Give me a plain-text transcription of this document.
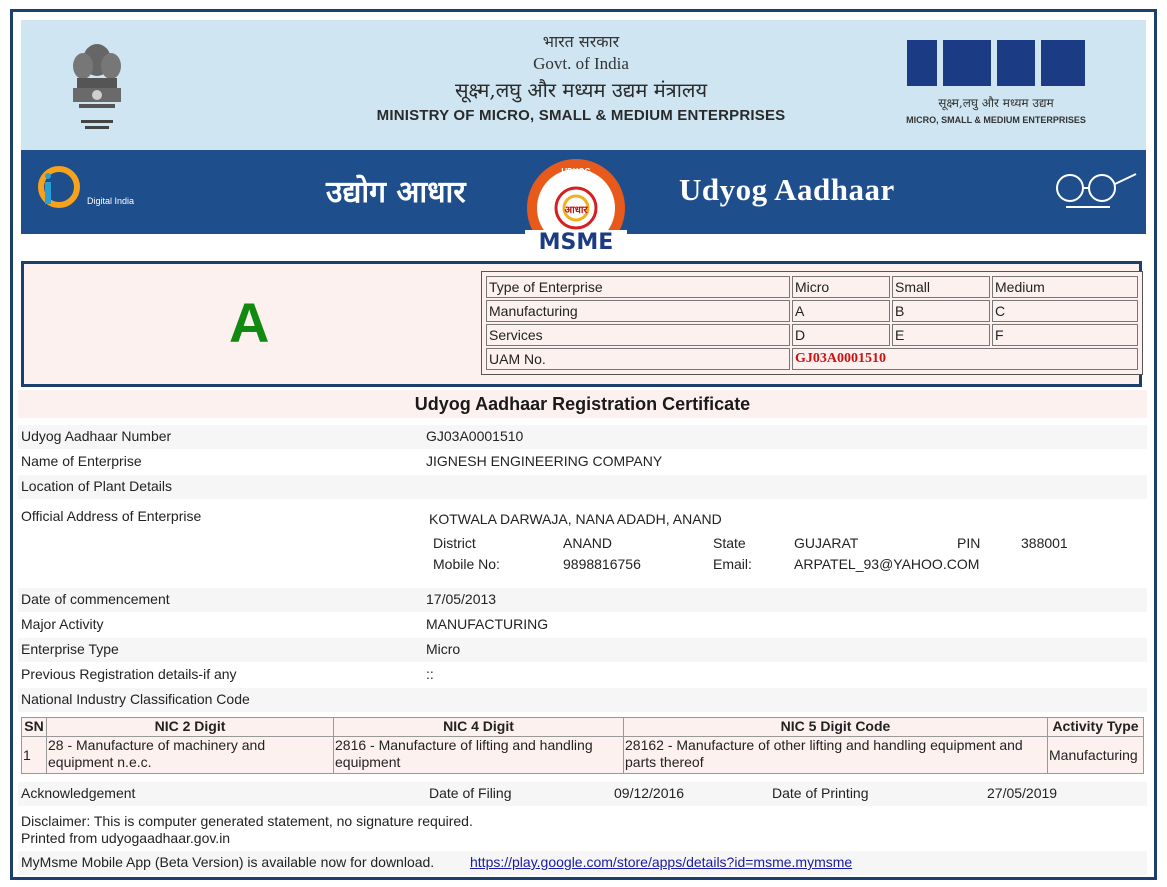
भारत सरकार
Govt. of India
सूक्ष्म,लघु और मध्यम उद्यम मंत्रालय
MINISTRY OF MICRO, SMALL & MEDIUM ENTERPRISES
सूक्ष्म,लघु और मध्यम उद्यम
MICRO, SMALL & MEDIUM ENTERPRISES
Digital India	उद्योग आधार	Udyog Aadhaar
UDYOG AADHAAR
आधार
MSME
A
Type of Enterprise	Micro	Small	Medium
Manufacturing	A	B	C
Services	D	E	F
UAM No.	GJ03A0001510		
Udyog Aadhaar Registration Certificate
Udyog Aadhaar Number	GJ03A0001510
Name of Enterprise	JIGNESH ENGINEERING COMPANY
Location of Plant Details
Official Address of Enterprise	KOTWALA DARWAJA, NANA ADADH, ANAND
District	ANAND	State	GUJARAT	PIN	388001
Mobile No:	9898816756	Email:	ARPATEL_93@YAHOO.COM
Date of commencement	17/05/2013
Major Activity	MANUFACTURING
Enterprise Type	Micro
Previous Registration details-if any	::
National Industry Classification Code
SN	NIC 2 Digit	NIC 4 Digit	NIC 5 Digit Code	Activity Type
1	28 - Manufacture of machinery and equipment n.e.c.	2816 - Manufacture of lifting and handling equipment	28162 - Manufacture of other lifting and handling equipment and parts thereof	Manufacturing
Acknowledgement	Date of Filing	09/12/2016	Date of Printing	27/05/2019
Disclaimer: This is computer generated statement, no signature required.
Printed from udyogaadhaar.gov.in
MyMsme Mobile App (Beta Version) is available now for download.	https://play.google.com/store/apps/details?id=msme.mymsme
